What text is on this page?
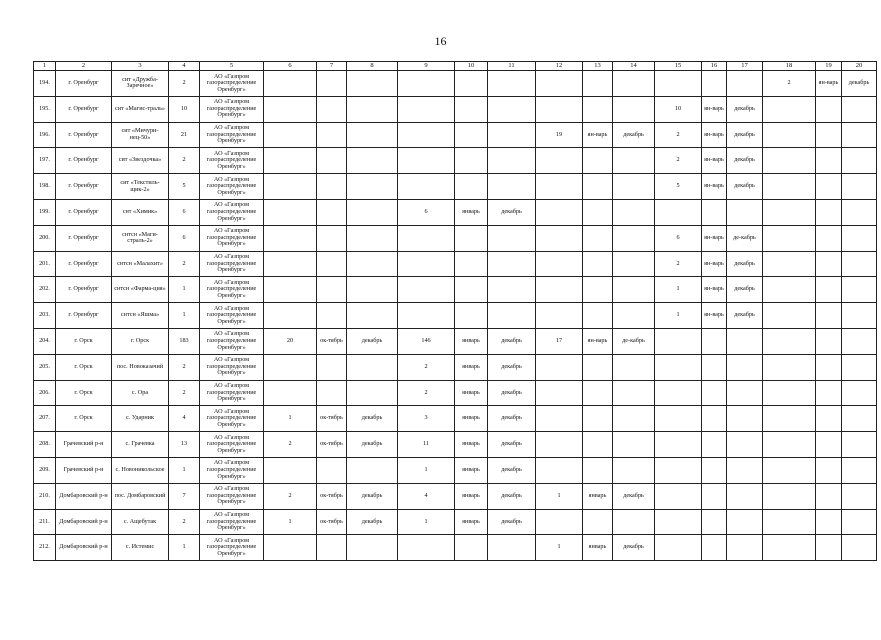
16
1	2	3	4	5	6	7	8	9	10	11	12	13	14	15	16	17	18	19	20
194.	г. Оренбург	сит «Дружба-Заречное»	2	АО «Газпром газораспределение Оренбург»													2	ян-варь	декабрь
195.	г. Оренбург	сит «Магис-траль»	10	АО «Газпром газораспределение Оренбург»										10	ян-варь	декабрь			
196.	г. Оренбург	сит «Мичури-нец-50»	21	АО «Газпром газораспределение Оренбург»							19	ян-варь	декабрь	2	ян-варь	декабрь			
197.	г. Оренбург	сит «Звездочка»	2	АО «Газпром газораспределение Оренбург»										2	ян-варь	декабрь			
198.	г. Оренбург	сит «Текстиль-щик-2»	5	АО «Газпром газораспределение Оренбург»										5	ян-варь	декабрь			
199.	г. Оренбург	снт «Химик»	6	АО «Газпром газораспределение Оренбург»				6	январь	декабрь									
200.	г. Оренбург	снтсн «Маги-страль-2»	6	АО «Газпром газораспределение Оренбург»										6	ян-варь	де-кабрь			
201.	г. Оренбург	снтсн «Малахит»	2	АО «Газпром газораспределение Оренбург»										2	ян-варь	декабрь			
202.	г. Оренбург	снтсн «Фарма-ция»	1	АО «Газпром газораспределение Оренбург»										1	ян-варь	декабрь			
203.	г. Оренбург	снтсн «Яшма»	1	АО «Газпром газораспределение Оренбург»										1	ян-варь	декабрь			
204.	г. Орск	г. Орск	183	АО «Газпром газораспределение Оренбург»	20	ок-тябрь	декабрь	146	январь	декабрь	17	ян-варь	де-кабрь						
205.	г. Орск	пос. Новоказачий	2	АО «Газпром газораспределение Оренбург»				2	январь	декабрь									
206.	г. Орск	с. Ора	2	АО «Газпром газораспределение Оренбург»				2	январь	декабрь									
207.	г. Орск	с. Ударник	4	АО «Газпром газораспределение Оренбург»	1	ок-тябрь	декабрь	3	январь	декабрь									
208.	Грачевский р-н	с. Грачевка	13	АО «Газпром газораспределение Оренбург»	2	ок-тябрь	декабрь	11	январь	декабрь									
209.	Грачевский р-н	с. Новоникольское	1	АО «Газпром газораспределение Оренбург»				1	январь	декабрь									
210.	Домбаровский р-н	пос. Домбаровский	7	АО «Газпром газораспределение Оренбург»	2	ок-тябрь	декабрь	4	январь	декабрь	1	январь	декабрь						
211.	Домбаровский р-н	с. Ащебутак	2	АО «Газпром газораспределение Оренбург»	1	ок-тябрь	декабрь	1	январь	декабрь									
212.	Домбаровский р-н	с. Истемис	1	АО «Газпром газораспределение Оренбург»							1	январь	декабрь						
